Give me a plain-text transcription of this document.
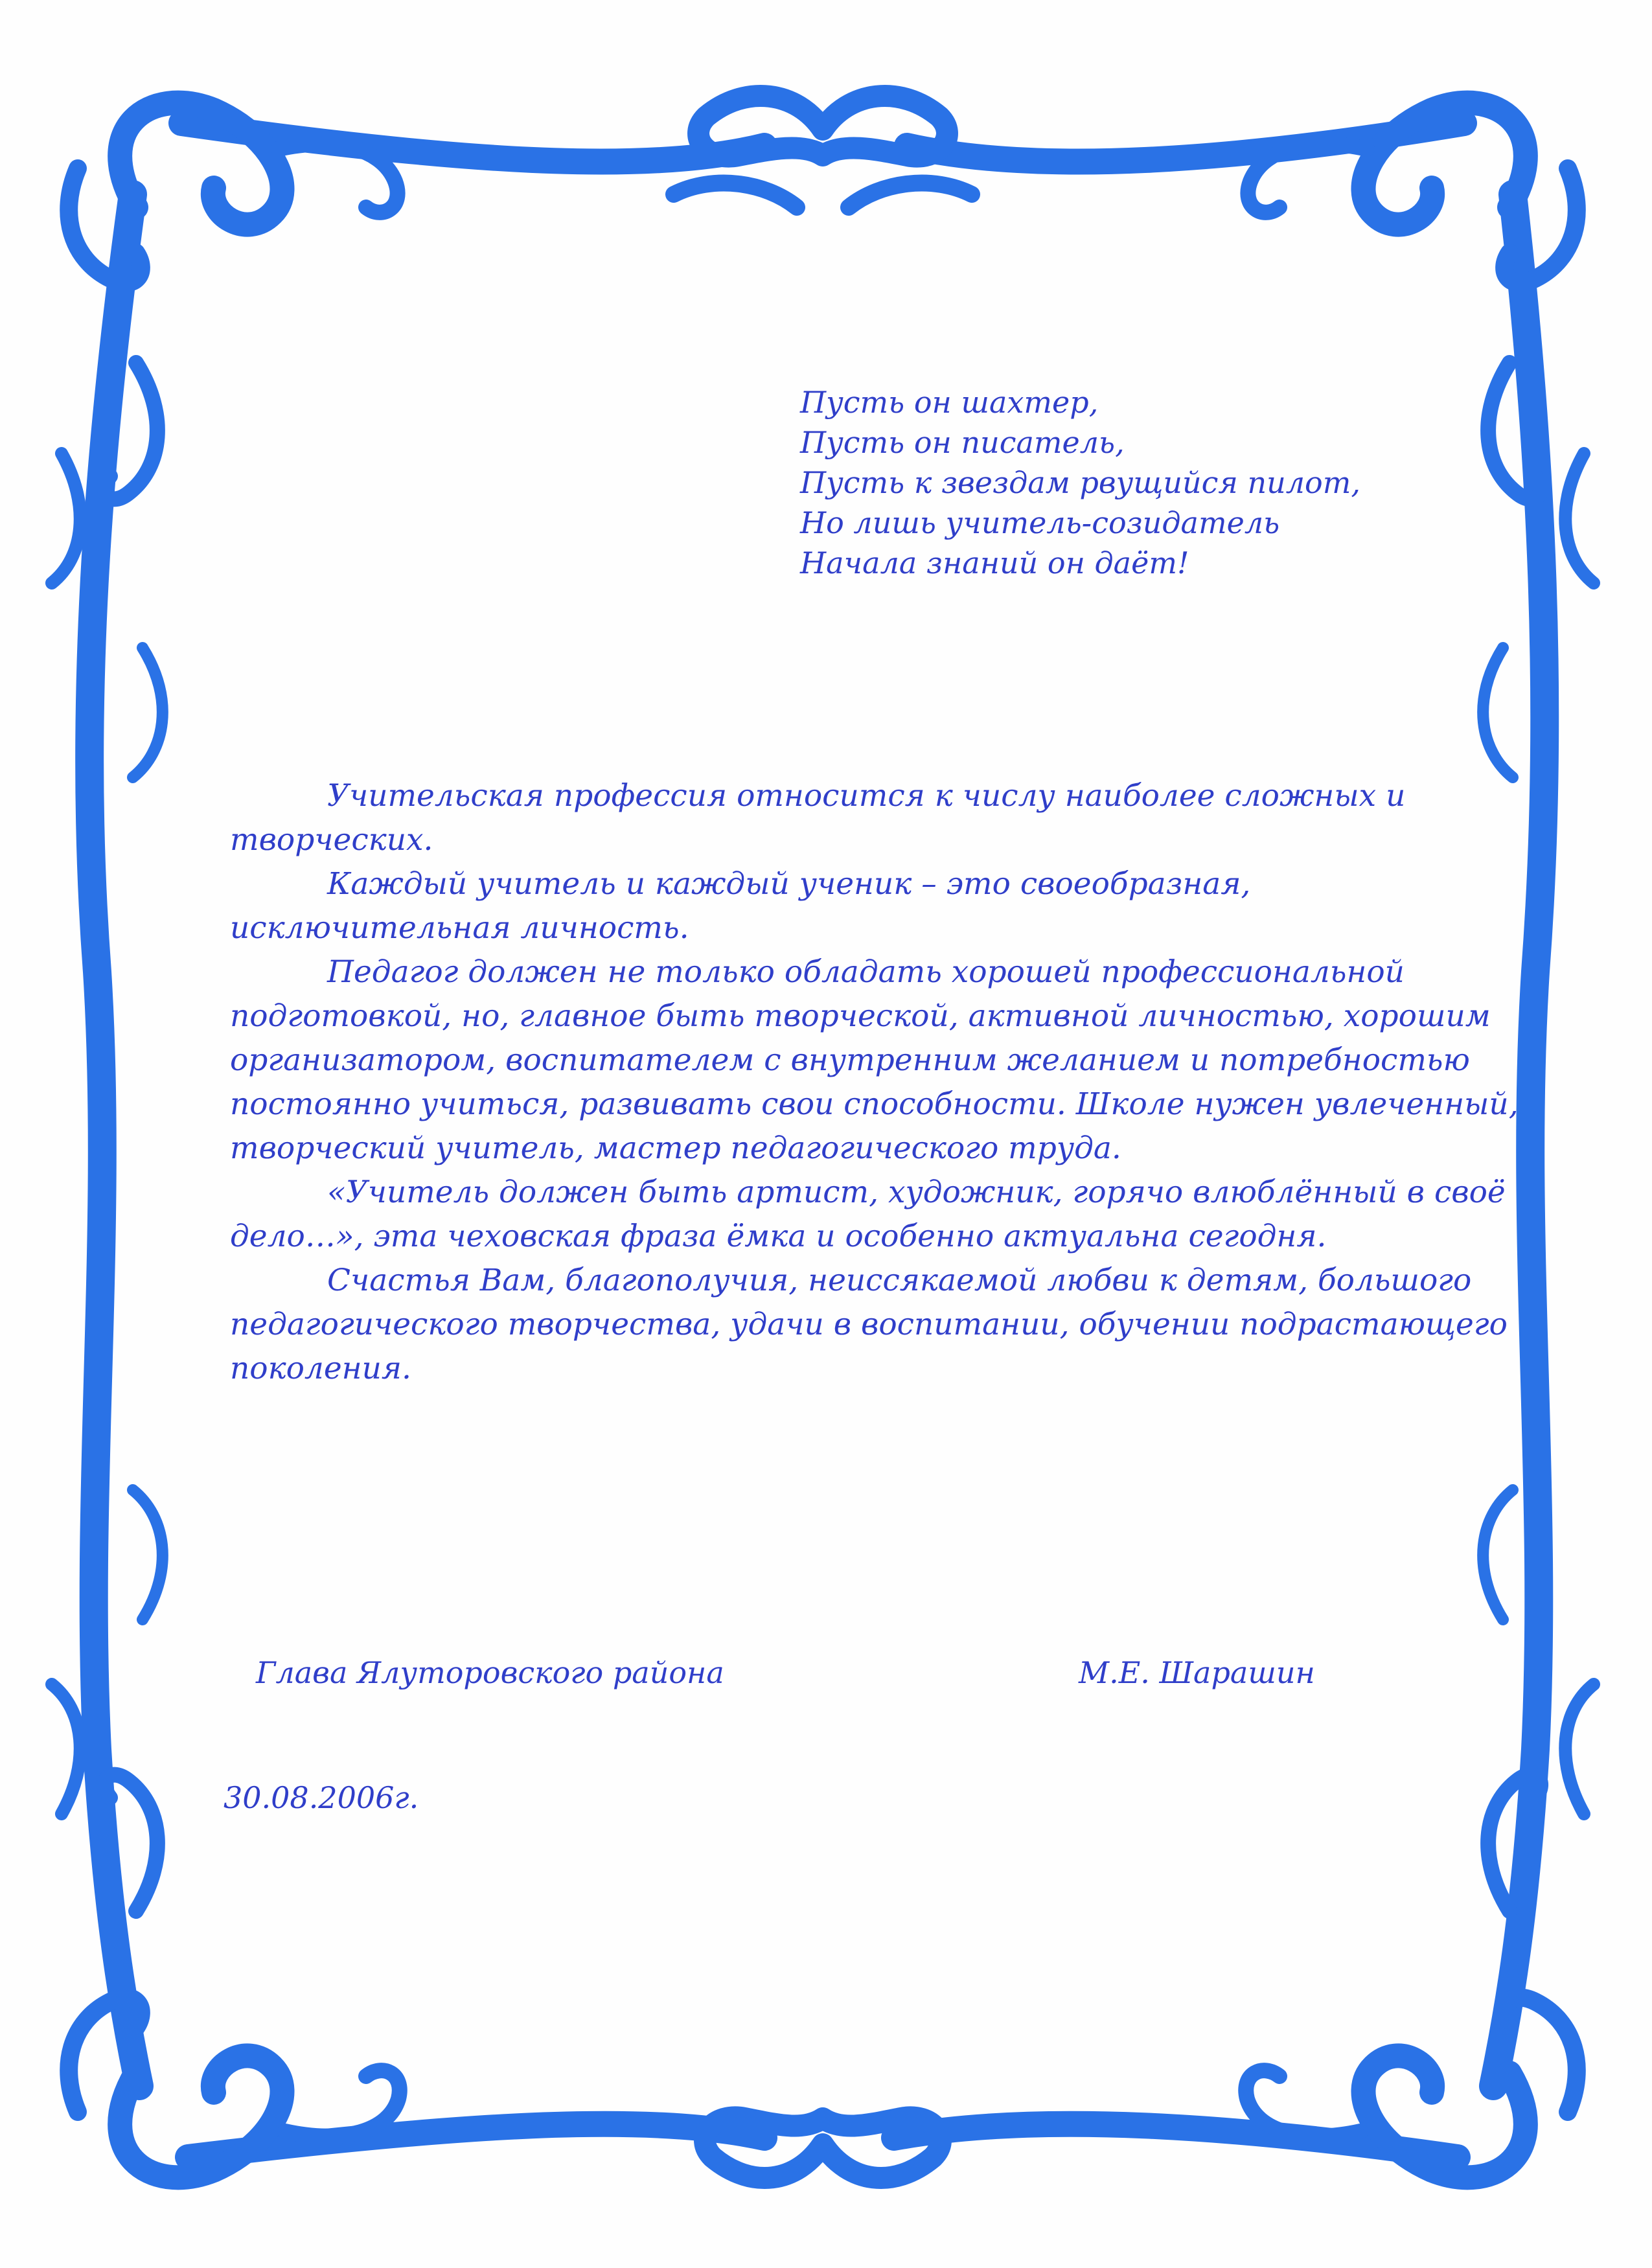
Пусть он шахтер,
Пусть он писатель,
Пусть к звездам рвущийся пилот,
Но лишь учитель-созидатель
Начала знаний он даёт!
Учительская профессия относится к числу наиболее сложных и
творческих.
Каждый учитель и каждый ученик – это своеобразная,
исключительная личность.
Педагог должен не только обладать хорошей профессиональной
подготовкой, но, главное быть творческой, активной личностью, хорошим
организатором, воспитателем с внутренним желанием и потребностью
постоянно учиться, развивать свои способности. Школе нужен увлеченный,
творческий учитель, мастер педагогического труда.
«Учитель должен быть артист, художник, горячо влюблённый в своё
дело…», эта чеховская фраза ёмка и особенно актуальна сегодня.
Счастья Вам, благополучия, неиссякаемой любви к детям, большого
педагогического творчества, удачи в воспитании, обучении подрастающего
поколения.
Глава Ялуторовского района	М.Е. Шарашин
30.08.2006г.
